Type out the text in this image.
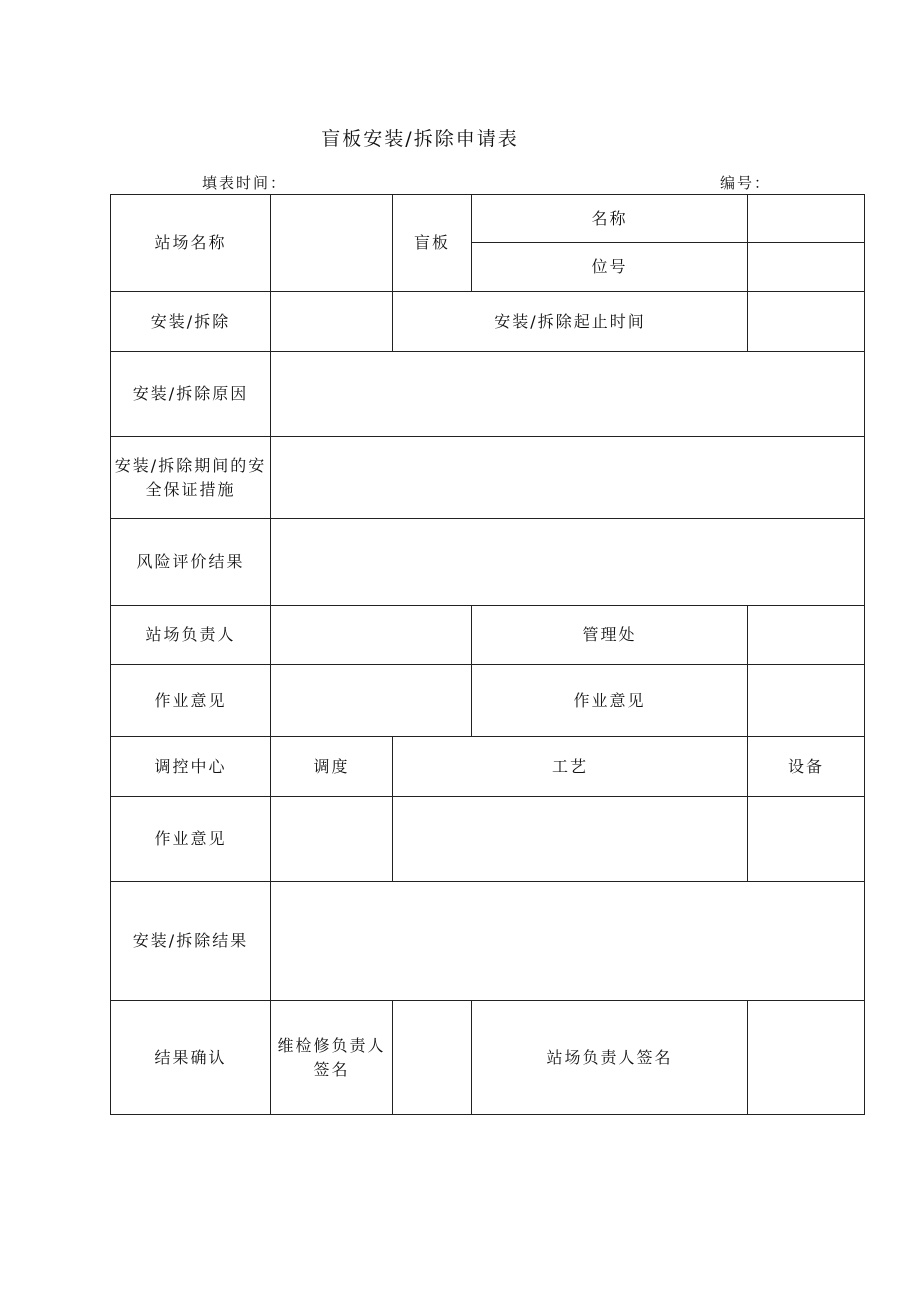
盲板安装/拆除申请表
填表时间：	编号：
站场名称		盲板	名称	
			位号	
安装/拆除		安装/拆除起止时间		
安装/拆除原因				
安装/拆除期间的安全保证措施				
风险评价结果				
站场负责人			管理处	
作业意见			作业意见	
调控中心	调度	工艺		设备
作业意见				
安装/拆除结果				
结果确认	维检修负责人签名		站场负责人签名	
